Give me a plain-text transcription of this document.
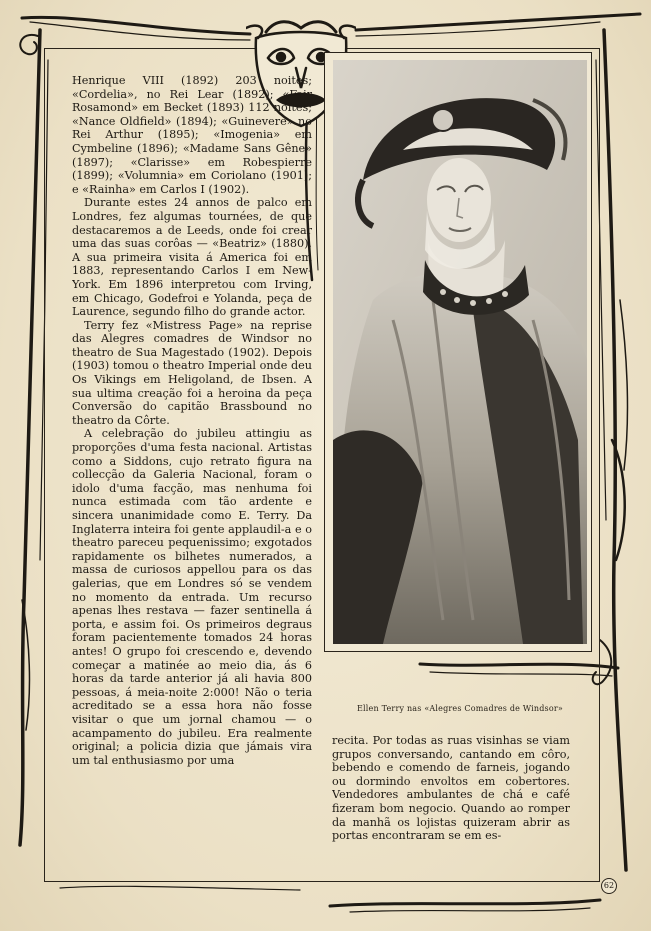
Henrique VIII (1892) 203 noites; «Cordelia», no Rei Lear (1892); «Fair Rosamond» em Becket (1893) 112 noites; «Nance Oldfield» (1894); «Guinevere» no Rei Arthur (1895); «Imogenia» em Cymbeline (1896); «Madame Sans Gêne» (1897); «Clarisse» em Robespierre (1899); «Volumnia» em Coriolano (1901); e «Rainha» em Carlos I (1902).

Durante estes 24 annos de palco em Londres, fez algumas tournées, de que destacaremos a de Leeds, onde foi crear uma das suas corôas — «Beatriz» (1880). A sua primeira visita á America foi em 1883, representando Carlos I em New-York. Em 1896 interpretou com Irving, em Chicago, Godefroi e Yolanda, peça de Laurence, segundo filho do grande actor.

Terry fez «Mistress Page» na reprise das Alegres comadres de Windsor no theatro de Sua Magestado (1902). Depois (1903) tomou o theatro Imperial onde deu Os Vikings em Heligoland, de Ibsen. A sua ultima creação foi a heroina da peça Conversão do capitão Brassbound no theatro da Côrte.

A celebração do jubileu attingiu as proporções d'uma festa nacional. Artistas como a Siddons, cujo retrato figura na collecção da Galeria Nacional, foram o idolo d'uma facção, mas nenhuma foi nunca estimada com tão ardente e sincera unanimidade como E. Terry. Da Inglaterra inteira foi gente applaudil-a e o theatro pareceu pequenissimo; exgotados rapidamente os bilhetes numerados, a massa de curiosos appellou para os das galerias, que em Londres só se vendem no momento da entrada. Um recurso apenas lhes restava — fazer sentinella á porta, e assim foi. Os primeiros degraus foram pacientemente tomados 24 horas antes! O grupo foi crescendo e, devendo começar a matinée ao meio dia, ás 6 horas da tarde anterior já ali havia 800 pessoas, á meia-noite 2:000! Não o teria acreditado se a essa hora não fosse visitar o que um jornal chamou — o acampamento do jubileu. Era realmente original; a policia dizia que jámais vira um tal enthusiasmo por uma

Ellen Terry nas «Alegres Comadres de Windsor»

recita. Por todas as ruas visinhas se viam grupos conversando, cantando em côro, bebendo e comendo de farneis, jogando ou dormindo envoltos em cobertores. Vendedores ambulantes de chá e café fizeram bom negocio. Quando ao romper da manhã os lojistas quizeram abrir as portas encontraram se em es-

62
